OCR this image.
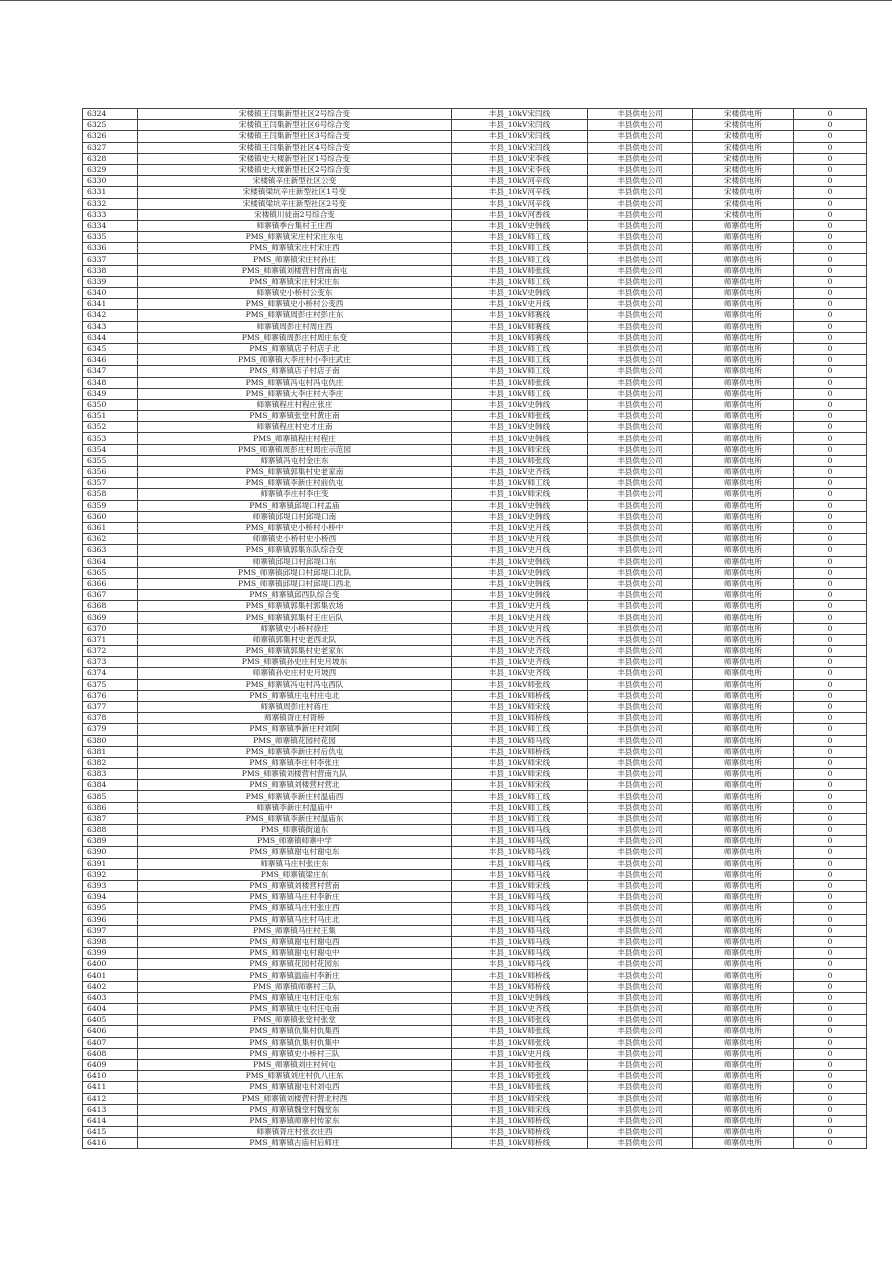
6324	宋楼镇王闫集新型社区2号综合变	丰县_10kV宋闫线	丰县供电公司	宋楼供电所	0
6325	宋楼镇王闫集新型社区6号综合变	丰县_10kV宋闫线	丰县供电公司	宋楼供电所	0
6326	宋楼镇王闫集新型社区3号综合变	丰县_10kV宋闫线	丰县供电公司	宋楼供电所	0
6327	宋楼镇王闫集新型社区4号综合变	丰县_10kV宋闫线	丰县供电公司	宋楼供电所	0
6328	宋楼镇史大楼新型社区1号综合变	丰县_10kV宋李线	丰县供电公司	宋楼供电所	0
6329	宋楼镇史大楼新型社区2号综合变	丰县_10kV宋李线	丰县供电公司	宋楼供电所	0
6330	宋楼镇辛庄新型社区公变	丰县_10kV河辛线	丰县供电公司	宋楼供电所	0
6331	宋楼镇梁坑辛庄新型社区1号变	丰县_10kV河辛线	丰县供电公司	宋楼供电所	0
6332	宋楼镇梁坑辛庄新型社区2号变	丰县_10kV河辛线	丰县供电公司	宋楼供电所	0
6333	宋楼镇川徒南2号综合变	丰县_10kV河香线	丰县供电公司	宋楼供电所	0
6334	师寨镇季台集村王庄西	丰县_10kV史韩线	丰县供电公司	师寨供电所	0
6335	PMS_师寨镇宋庄村宋庄东屯	丰县_10kV师工线	丰县供电公司	师寨供电所	0
6336	PMS_师寨镇宋庄村宋庄西	丰县_10kV师工线	丰县供电公司	师寨供电所	0
6337	PMS_师寨镇宋庄村孙庄	丰县_10kV师工线	丰县供电公司	师寨供电所	0
6338	PMS_师寨镇刘楼营村营南南屯	丰县_10kV师张线	丰县供电公司	师寨供电所	0
6339	PMS_师寨镇宋庄村宋庄东	丰县_10kV师工线	丰县供电公司	师寨供电所	0
6340	师寨镇史小桥村公变东	丰县_10kV史韩线	丰县供电公司	师寨供电所	0
6341	PMS_师寨镇史小桥村公变西	丰县_10kV史月线	丰县供电公司	师寨供电所	0
6342	PMS_师寨镇周彭庄村彭庄东	丰县_10kV师赛线	丰县供电公司	师寨供电所	0
6343	师寨镇周彭庄村周庄西	丰县_10kV师赛线	丰县供电公司	师寨供电所	0
6344	PMS_师寨镇周彭庄村周庄东变	丰县_10kV师赛线	丰县供电公司	师寨供电所	0
6345	PMS_师寨镇店子村店子北	丰县_10kV师工线	丰县供电公司	师寨供电所	0
6346	PMS_师寨镇大李庄村小李庄武庄	丰县_10kV师工线	丰县供电公司	师寨供电所	0
6347	PMS_师寨镇店子村店子南	丰县_10kV师工线	丰县供电公司	师寨供电所	0
6348	PMS_师寨镇冯屯村冯屯仇庄	丰县_10kV师张线	丰县供电公司	师寨供电所	0
6349	PMS_师寨镇大李庄村大李庄	丰县_10kV师工线	丰县供电公司	师寨供电所	0
6350	师寨镇程庄村程庄张庄	丰县_10kV史韩线	丰县供电公司	师寨供电所	0
6351	PMS_师寨镇张堂村黄庄南	丰县_10kV师张线	丰县供电公司	师寨供电所	0
6352	师寨镇程庄村史才庄南	丰县_10kV史韩线	丰县供电公司	师寨供电所	0
6353	PMS_师寨镇程庄村程庄	丰县_10kV史韩线	丰县供电公司	师寨供电所	0
6354	PMS_师寨镇周彭庄村周庄示范园	丰县_10kV师宋线	丰县供电公司	师寨供电所	0
6355	师寨镇冯屯村金庄东	丰县_10kV师张线	丰县供电公司	师寨供电所	0
6356	PMS_师寨镇郭集村史老家南	丰县_10kV史齐线	丰县供电公司	师寨供电所	0
6357	PMS_师寨镇李新庄村前仇屯	丰县_10kV师工线	丰县供电公司	师寨供电所	0
6358	师寨镇李庄村李庄变	丰县_10kV师宋线	丰县供电公司	师寨供电所	0
6359	PMS_师寨镇邱堤口村孟庙	丰县_10kV史韩线	丰县供电公司	师寨供电所	0
6360	师寨镇邱堤口村邱堤口南	丰县_10kV史韩线	丰县供电公司	师寨供电所	0
6361	PMS_师寨镇史小桥村小桥中	丰县_10kV史月线	丰县供电公司	师寨供电所	0
6362	师寨镇史小桥村史小桥西	丰县_10kV史月线	丰县供电公司	师寨供电所	0
6363	PMS_师寨镇郭集东队综合变	丰县_10kV史月线	丰县供电公司	师寨供电所	0
6364	师寨镇邱堤口村邱堤口东	丰县_10kV史韩线	丰县供电公司	师寨供电所	0
6365	PMS_师寨镇邱堤口村邱堤口北队	丰县_10kV史韩线	丰县供电公司	师寨供电所	0
6366	PMS_师寨镇邱堤口村邱堤口西北	丰县_10kV史韩线	丰县供电公司	师寨供电所	0
6367	PMS_师寨镇邱西队综合变	丰县_10kV史韩线	丰县供电公司	师寨供电所	0
6368	PMS_师寨镇郭集村郭集农场	丰县_10kV史月线	丰县供电公司	师寨供电所	0
6369	PMS_师寨镇郭集村王庄后队	丰县_10kV史月线	丰县供电公司	师寨供电所	0
6370	师寨镇史小桥村徐庄	丰县_10kV史月线	丰县供电公司	师寨供电所	0
6371	师寨镇郭集村史老西北队	丰县_10kV史齐线	丰县供电公司	师寨供电所	0
6372	PMS_师寨镇郭集村史老家东	丰县_10kV史齐线	丰县供电公司	师寨供电所	0
6373	PMS_师寨镇孙史庄村史月坡东	丰县_10kV史齐线	丰县供电公司	师寨供电所	0
6374	师寨镇孙史庄村史月坡西	丰县_10kV史齐线	丰县供电公司	师寨供电所	0
6375	PMS_师寨镇冯屯村冯屯西队	丰县_10kV师张线	丰县供电公司	师寨供电所	0
6376	PMS_师寨镇庄屯村庄屯北	丰县_10kV师桥线	丰县供电公司	师寨供电所	0
6377	师寨镇周彭庄村蒋庄	丰县_10kV师宋线	丰县供电公司	师寨供电所	0
6378	师寨镇胥庄村胥桥	丰县_10kV师桥线	丰县供电公司	师寨供电所	0
6379	PMS_师寨镇季新庄村刘阿	丰县_10kV师工线	丰县供电公司	师寨供电所	0
6380	PMS_师寨镇花园村花园	丰县_10kV师马线	丰县供电公司	师寨供电所	0
6381	PMS_师寨镇李新庄村后仇屯	丰县_10kV师桥线	丰县供电公司	师寨供电所	0
6382	PMS_师寨镇李庄村李张庄	丰县_10kV师宋线	丰县供电公司	师寨供电所	0
6383	PMS_师寨镇刘楼营村营南九队	丰县_10kV师宋线	丰县供电公司	师寨供电所	0
6384	PMS_师寨镇刘楼营村营北	丰县_10kV师宋线	丰县供电公司	师寨供电所	0
6385	PMS_师寨镇李新庄村温庙西	丰县_10kV师工线	丰县供电公司	师寨供电所	0
6386	师寨镇李新庄村温庙中	丰县_10kV师工线	丰县供电公司	师寨供电所	0
6387	PMS_师寨镇李新庄村温庙东	丰县_10kV师工线	丰县供电公司	师寨供电所	0
6388	PMS_师寨镇街道东	丰县_10kV师马线	丰县供电公司	师寨供电所	0
6389	PMS_师寨镇师寨中学	丰县_10kV师马线	丰县供电公司	师寨供电所	0
6390	PMS_师寨镇谢屯村谢屯东	丰县_10kV师马线	丰县供电公司	师寨供电所	0
6391	师寨镇马庄村张庄东	丰县_10kV师马线	丰县供电公司	师寨供电所	0
6392	PMS_师寨镇梁庄东	丰县_10kV师马线	丰县供电公司	师寨供电所	0
6393	PMS_师寨镇刘楼营村营南	丰县_10kV师宋线	丰县供电公司	师寨供电所	0
6394	PMS_师寨镇马庄村李新庄	丰县_10kV师马线	丰县供电公司	师寨供电所	0
6395	PMS_师寨镇马庄村张庄西	丰县_10kV师马线	丰县供电公司	师寨供电所	0
6396	PMS_师寨镇马庄村马庄北	丰县_10kV师马线	丰县供电公司	师寨供电所	0
6397	PMS_师寨镇马庄村王集	丰县_10kV师马线	丰县供电公司	师寨供电所	0
6398	PMS_师寨镇谢屯村谢屯西	丰县_10kV师马线	丰县供电公司	师寨供电所	0
6399	PMS_师寨镇谢屯村谢屯中	丰县_10kV师马线	丰县供电公司	师寨供电所	0
6400	PMS_师寨镇花园村花园东	丰县_10kV师马线	丰县供电公司	师寨供电所	0
6401	PMS_师寨镇温庙村李新庄	丰县_10kV师桥线	丰县供电公司	师寨供电所	0
6402	PMS_师寨镇师寨村三队	丰县_10kV师桥线	丰县供电公司	师寨供电所	0
6403	PMS_师寨镇庄屯村汪屯东	丰县_10kV史韩线	丰县供电公司	师寨供电所	0
6404	PMS_师寨镇庄屯村汪屯南	丰县_10kV史齐线	丰县供电公司	师寨供电所	0
6405	PMS_师寨镇张堂村张堂	丰县_10kV师张线	丰县供电公司	师寨供电所	0
6406	PMS_师寨镇仇集村仇集西	丰县_10kV师张线	丰县供电公司	师寨供电所	0
6407	PMS_师寨镇仇集村仇集中	丰县_10kV师张线	丰县供电公司	师寨供电所	0
6408	PMS_师寨镇史小桥村三队	丰县_10kV史月线	丰县供电公司	师寨供电所	0
6409	PMS_师寨镇刘庄村何屯	丰县_10kV师张线	丰县供电公司	师寨供电所	0
6410	PMS_师寨镇刘庄村仇八庄东	丰县_10kV师张线	丰县供电公司	师寨供电所	0
6411	PMS_师寨镇谢屯村刘屯西	丰县_10kV师张线	丰县供电公司	师寨供电所	0
6412	PMS_师寨镇刘楼营村营北村西	丰县_10kV师宋线	丰县供电公司	师寨供电所	0
6413	PMS_师寨镇魏堂村魏堂东	丰县_10kV师宋线	丰县供电公司	师寨供电所	0
6414	PMS_师寨镇师寨村传家东	丰县_10kV师桥线	丰县供电公司	师寨供电所	0
6415	师寨镇胥庄村张衣庄西	丰县_10kV师桥线	丰县供电公司	师寨供电所	0
6416	PMS_师寨镇古庙村后师庄	丰县_10kV师桥线	丰县供电公司	师寨供电所	0
